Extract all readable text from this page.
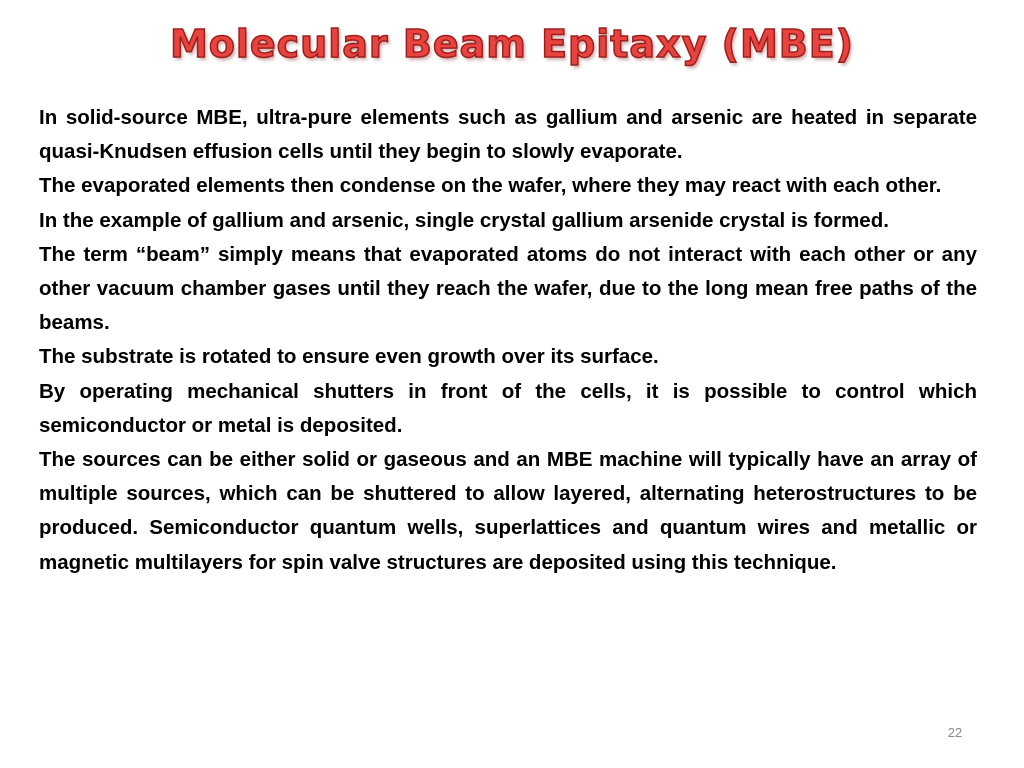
Molecular Beam Epitaxy (MBE)

In solid-source MBE, ultra-pure elements such as gallium and arsenic are heated in separate quasi-Knudsen effusion cells until they begin to slowly evaporate.

The evaporated elements then condense on the wafer, where they may react with each other.

In the example of gallium and arsenic, single crystal gallium arsenide crystal is formed.

The term “beam” simply means that evaporated atoms do not interact with each other or any other vacuum chamber gases until they reach the wafer, due to the long mean free paths of the beams.

The substrate is rotated to ensure even growth over its surface.

By operating mechanical shutters in front of the cells, it is possible to control which semiconductor or metal is deposited.

The sources can be either solid or gaseous and an MBE machine will typically have an array of multiple sources, which can be shuttered to allow layered, alternating heterostructures to be produced. Semiconductor quantum wells, superlattices and quantum wires and metallic or magnetic multilayers for spin valve structures are deposited using this technique.

22
